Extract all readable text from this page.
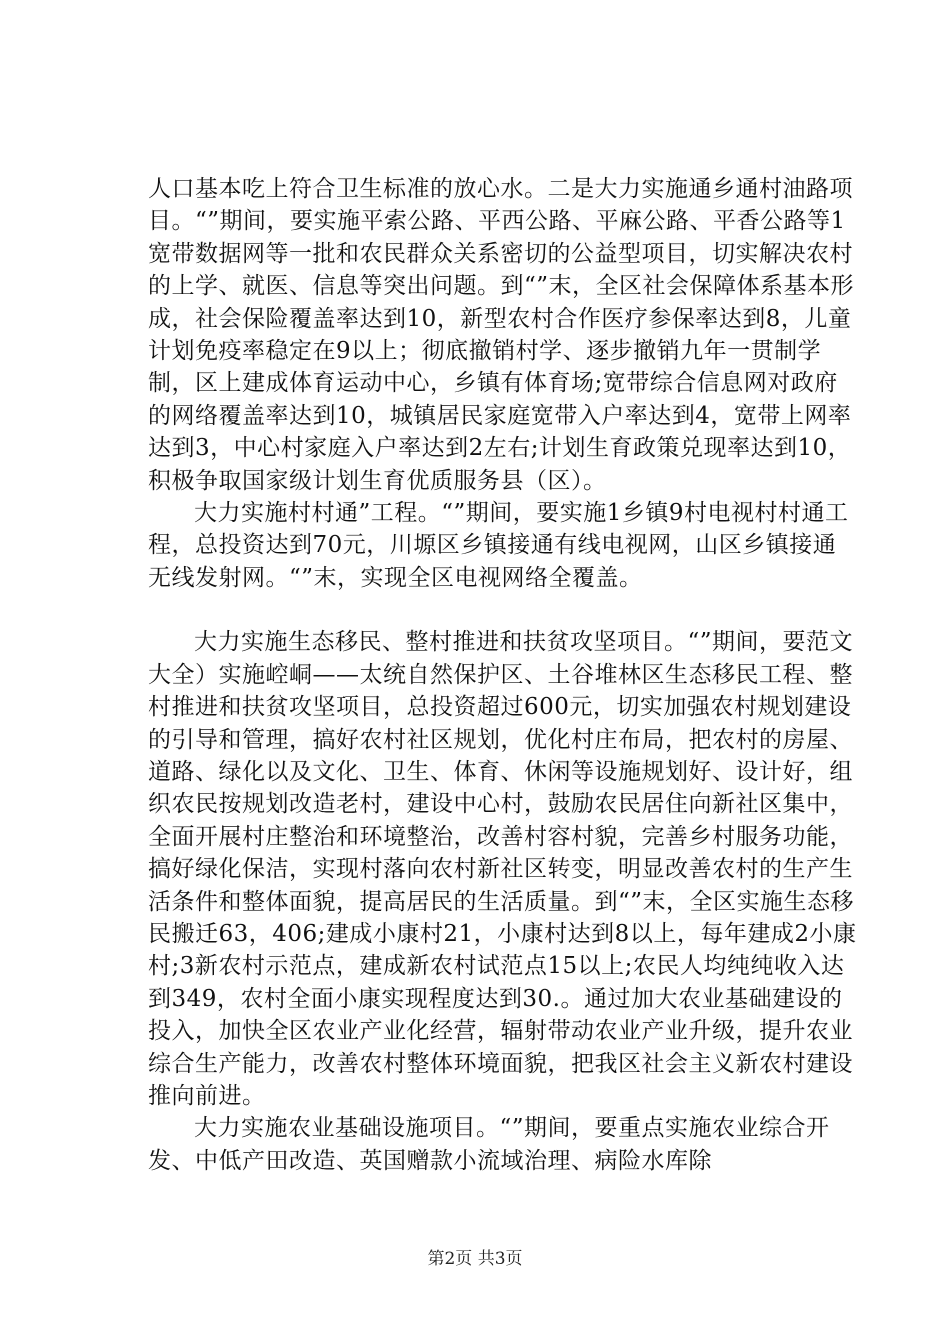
人口基本吃上符合卫生标准的放心水。二是大力实施通乡通村油路项目。“”期间，要实施平索公路、平西公路、平麻公路、平香公路等1宽带数据网等一批和农民群众关系密切的公益型项目，切实解决农村的上学、就医、信息等突出问题。到“”末，全区社会保障体系基本形成，社会保险覆盖率达到10，新型农村合作医疗参保率达到8，儿童计划免疫率稳定在9以上；彻底撤销村学、逐步撤销九年一贯制学制，区上建成体育运动中心，乡镇有体育场;宽带综合信息网对政府的网络覆盖率达到10，城镇居民家庭宽带入户率达到4，宽带上网率达到3，中心村家庭入户率达到2左右;计划生育政策兑现率达到10，积极争取国家级计划生育优质服务县（区）。

大力实施村村通”工程。“”期间，要实施1乡镇9村电视村村通工程，总投资达到70元，川塬区乡镇接通有线电视网，山区乡镇接通无线发射网。“”末，实现全区电视网络全覆盖。

大力实施生态移民、整村推进和扶贫攻坚项目。“”期间，要范文大全）实施崆峒——太统自然保护区、土谷堆林区生态移民工程、整村推进和扶贫攻坚项目，总投资超过600元，切实加强农村规划建设的引导和管理，搞好农村社区规划，优化村庄布局，把农村的房屋、道路、绿化以及文化、卫生、体育、休闲等设施规划好、设计好，组织农民按规划改造老村，建设中心村，鼓励农民居住向新社区集中，全面开展村庄整治和环境整治，改善村容村貌，完善乡村服务功能，搞好绿化保洁，实现村落向农村新社区转变，明显改善农村的生产生活条件和整体面貌，提高居民的生活质量。到“”末，全区实施生态移民搬迁63，406;建成小康村21，小康村达到8以上，每年建成2小康村;3新农村示范点，建成新农村试范点15以上;农民人均纯纯收入达到349，农村全面小康实现程度达到30.。通过加大农业基础建设的投入，加快全区农业产业化经营，辐射带动农业产业升级，提升农业综合生产能力，改善农村整体环境面貌，把我区社会主义新农村建设推向前进。

大力实施农业基础设施项目。“”期间，要重点实施农业综合开发、中低产田改造、英国赠款小流域治理、病险水库除

第2页 共3页
